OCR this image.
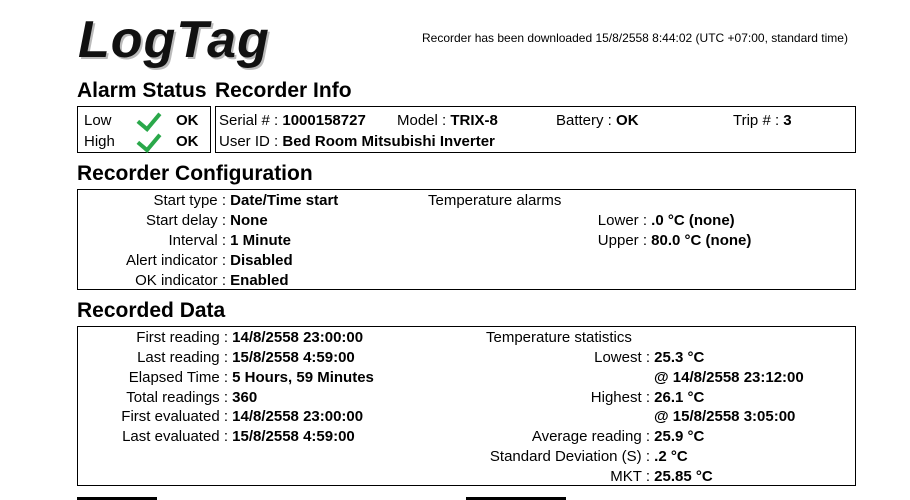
LogTag	Recorder has been downloaded 15/8/2558 8:44:02 (UTC +07:00, standard time)
Alarm Status Recorder Info
Low	OK
High	OK
Serial # : 1000158727 Model : TRIX-8	Battery : OK	Trip # : 3
User ID : Bed Room Mitsubishi Inverter
Recorder Configuration
Start type : Date/Time start
Start delay : None
Interval : 1 Minute
Alert indicator : Disabled
OK indicator : Enabled
Temperature alarms
Lower : .0 °C (none)
Upper : 80.0 °C (none)
Recorded Data
First reading : 14/8/2558 23:00:00
Last reading : 15/8/2558 4:59:00
Elapsed Time : 5 Hours, 59 Minutes
Total readings : 360
First evaluated : 14/8/2558 23:00:00
Last evaluated : 15/8/2558 4:59:00
Temperature statistics
Lowest : 25.3 °C
@ 14/8/2558 23:12:00
Highest : 26.1 °C
@ 15/8/2558 3:05:00
Average reading : 25.9 °C
Standard Deviation (S) : .2 °C
MKT : 25.85 °C
